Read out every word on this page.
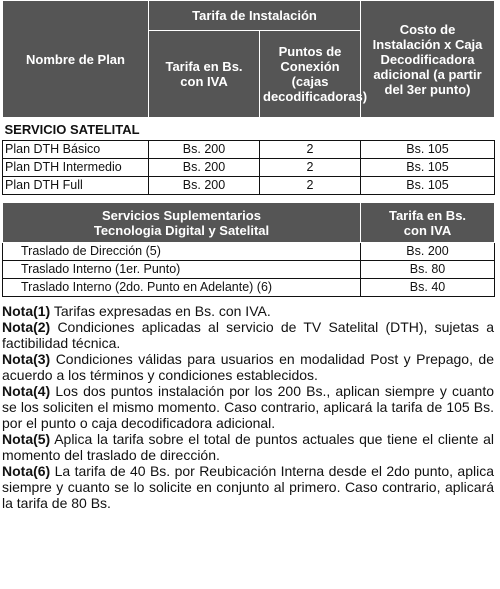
Nombre de Plan	Tarifa de Instalación		Costo de Instalación x Caja Decodificadora adicional (a partir del 3er punto)
	Tarifa en Bs. con IVA	Puntos de Conexión (cajas decodificadoras)	
SERVICIO SATELITAL			
Plan DTH Básico	Bs. 200	2	Bs. 105
Plan DTH Intermedio	Bs. 200	2	Bs. 105
Plan DTH Full	Bs. 200	2	Bs. 105
Servicios Suplementarios
Tecnologia Digital y Satelital	Tarifa en Bs. con IVA
Traslado de Dirección (5)	Bs. 200
Traslado Interno (1er. Punto)	Bs. 80
Traslado Interno (2do. Punto en Adelante) (6)	Bs. 40

Nota(1) Tarifas expresadas en Bs. con IVA.

Nota(2) Condiciones aplicadas al servicio de TV Satelital (DTH), sujetas a factibilidad técnica.

Nota(3) Condiciones válidas para usuarios en modalidad Post y Prepago, de acuerdo a los términos y condiciones establecidos.

Nota(4) Los dos puntos instalación por los 200 Bs., aplican siempre y cuanto se los soliciten el mismo momento. Caso contrario, aplicará la tarifa de 105 Bs. por el punto o caja decodificadora adicional.

Nota(5) Aplica la tarifa sobre el total de puntos actuales que tiene el cliente al momento del traslado de dirección.

Nota(6) La tarifa de 40 Bs. por Reubicación Interna desde el 2do punto, aplica siempre y cuanto se lo solicite en conjunto al primero. Caso contrario, aplicará la tarifa de 80 Bs.
